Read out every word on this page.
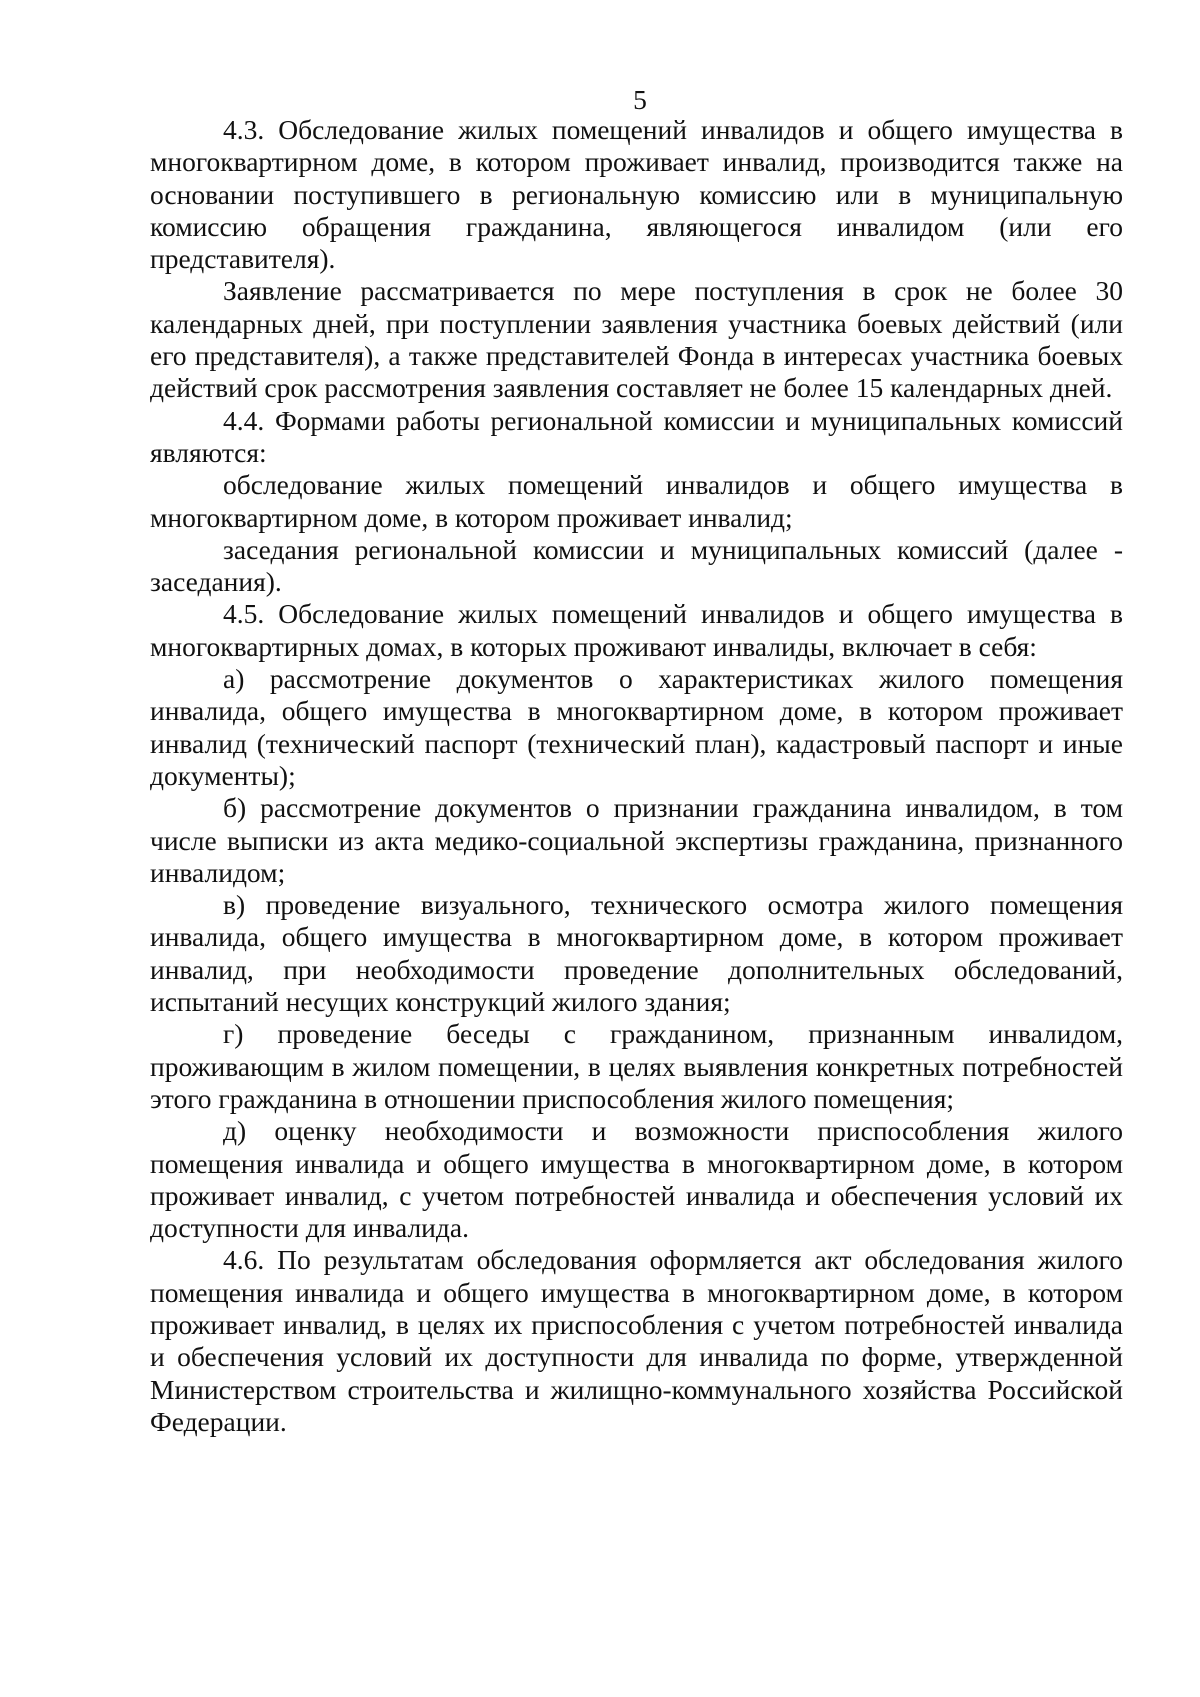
5

4.3. Обследование жилых помещений инвалидов и общего имущества в многоквартирном доме, в котором проживает инвалид, производится также на основании поступившего в региональную комиссию или в муниципальную комиссию обращения гражданина, являющегося инвалидом (или его представителя).

Заявление рассматривается по мере поступления в срок не более 30 календарных дней, при поступлении заявления участника боевых действий (или его представителя), а также представителей Фонда в интересах участника боевых действий срок рассмотрения заявления составляет не более 15 календарных дней.

4.4. Формами работы региональной комиссии и муниципальных комиссий являются:

обследование жилых помещений инвалидов и общего имущества в многоквартирном доме, в котором проживает инвалид;

заседания региональной комиссии и муниципальных комиссий (далее - заседания).

4.5. Обследование жилых помещений инвалидов и общего имущества в многоквартирных домах, в которых проживают инвалиды, включает в себя:

а) рассмотрение документов о характеристиках жилого помещения инвалида, общего имущества в многоквартирном доме, в котором проживает инвалид (технический паспорт (технический план), кадастровый паспорт и иные документы);

б) рассмотрение документов о признании гражданина инвалидом, в том числе выписки из акта медико-социальной экспертизы гражданина, признанного инвалидом;

в) проведение визуального, технического осмотра жилого помещения инвалида, общего имущества в многоквартирном доме, в котором проживает инвалид, при необходимости проведение дополнительных обследований, испытаний несущих конструкций жилого здания;

г) проведение беседы с гражданином, признанным инвалидом, проживающим в жилом помещении, в целях выявления конкретных потребностей этого гражданина в отношении приспособления жилого помещения;

д) оценку необходимости и возможности приспособления жилого помещения инвалида и общего имущества в многоквартирном доме, в котором проживает инвалид, с учетом потребностей инвалида и обеспечения условий их доступности для инвалида.

4.6. По результатам обследования оформляется акт обследования жилого помещения инвалида и общего имущества в многоквартирном доме, в котором проживает инвалид, в целях их приспособления с учетом потребностей инвалида и обеспечения условий их доступности для инвалида по форме, утвержденной Министерством строительства и жилищно-коммунального хозяйства Российской Федерации.
